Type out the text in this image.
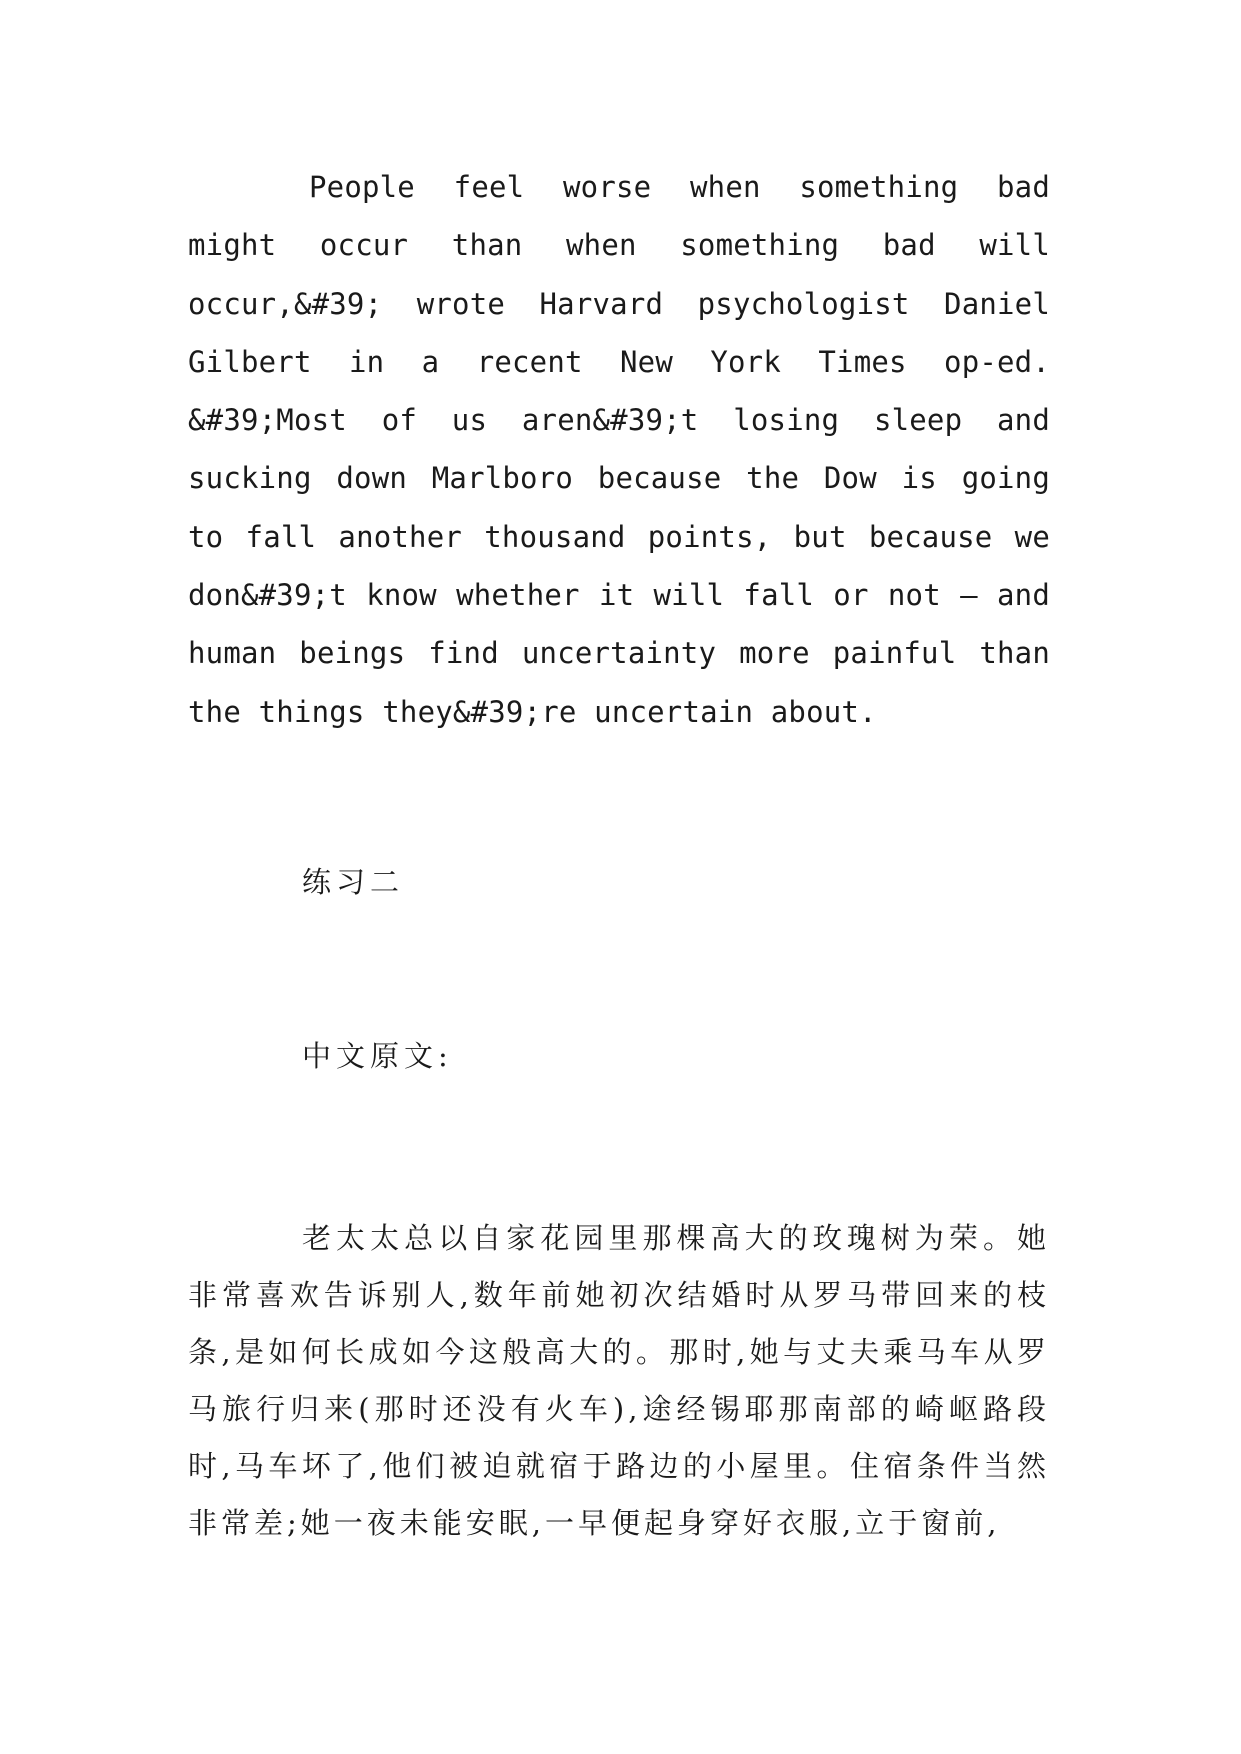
People feel worse when something bad might occur than when something bad will occur,&#39; wrote Harvard psychologist Daniel Gilbert in a recent New York Times op-ed. &#39;Most of us aren&#39;t losing sleep and sucking down Marlboro because the Dow is going to fall another thousand points, but because we don&#39;t know whether it will fall or not — and human beings find uncertainty more painful than the things they&#39;re uncertain about.

练习二

中文原文:

老太太总以自家花园里那棵高大的玫瑰树为荣。她非常喜欢告诉别人,数年前她初次结婚时从罗马带回来的枝条,是如何长成如今这般高大的。那时,她与丈夫乘马车从罗马旅行归来(那时还没有火车),途经锡耶那南部的崎岖路段时,马车坏了,他们被迫就宿于路边的小屋里。住宿条件当然非常差;她一夜未能安眠,一早便起身穿好衣服,立于窗前,
